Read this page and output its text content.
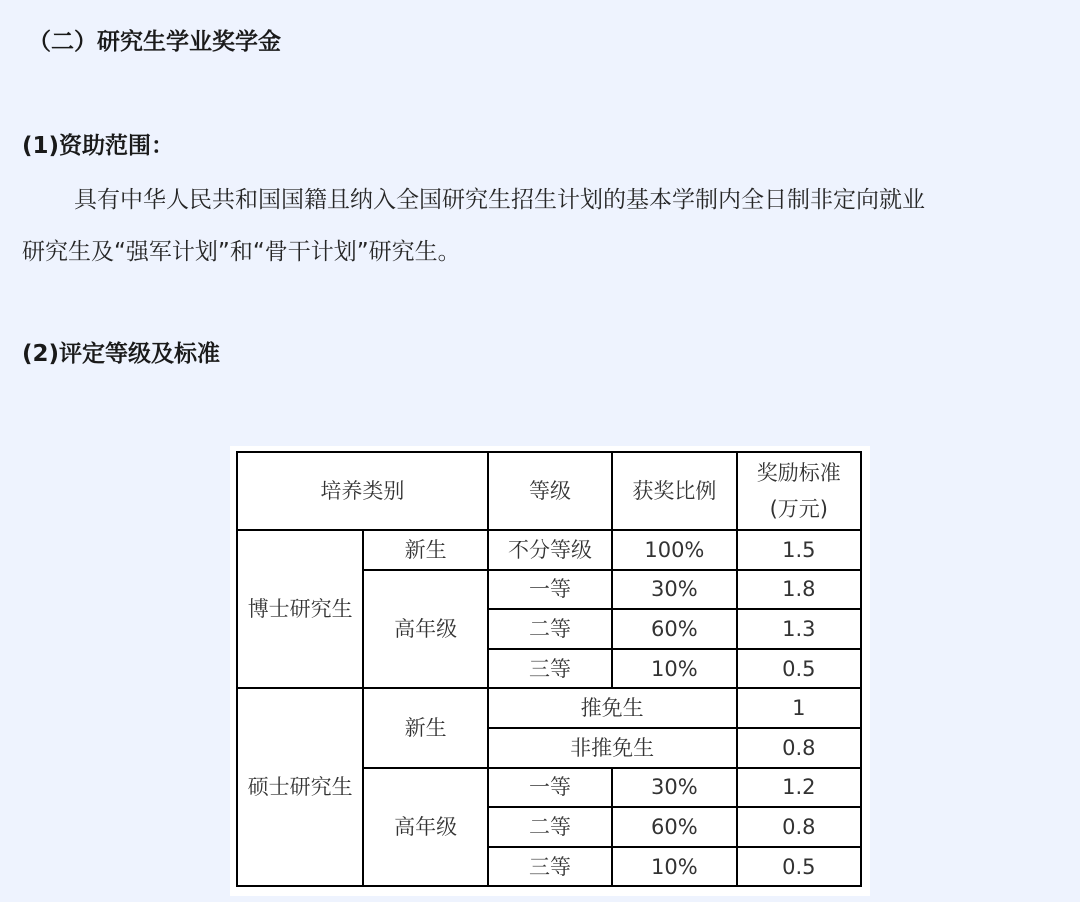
（二）研究生学业奖学金
(1)资助范围：

具有中华人民共和国国籍且纳入全国研究生招生计划的基本学制内全日制非定向就业
研究生及“强军计划”和“骨干计划”研究生。

(2)评定等级及标准
培养类别		等级	获奖比例	奖励标准
(万元)
博士研究生	新生	不分等级	100%	1.5
	高年级	一等	30%	1.8
		二等	60%	1.3
		三等	10%	0.5
硕士研究生	新生	推免生		1
		非推免生		0.8
	高年级	一等	30%	1.2
		二等	60%	0.8
		三等	10%	0.5
